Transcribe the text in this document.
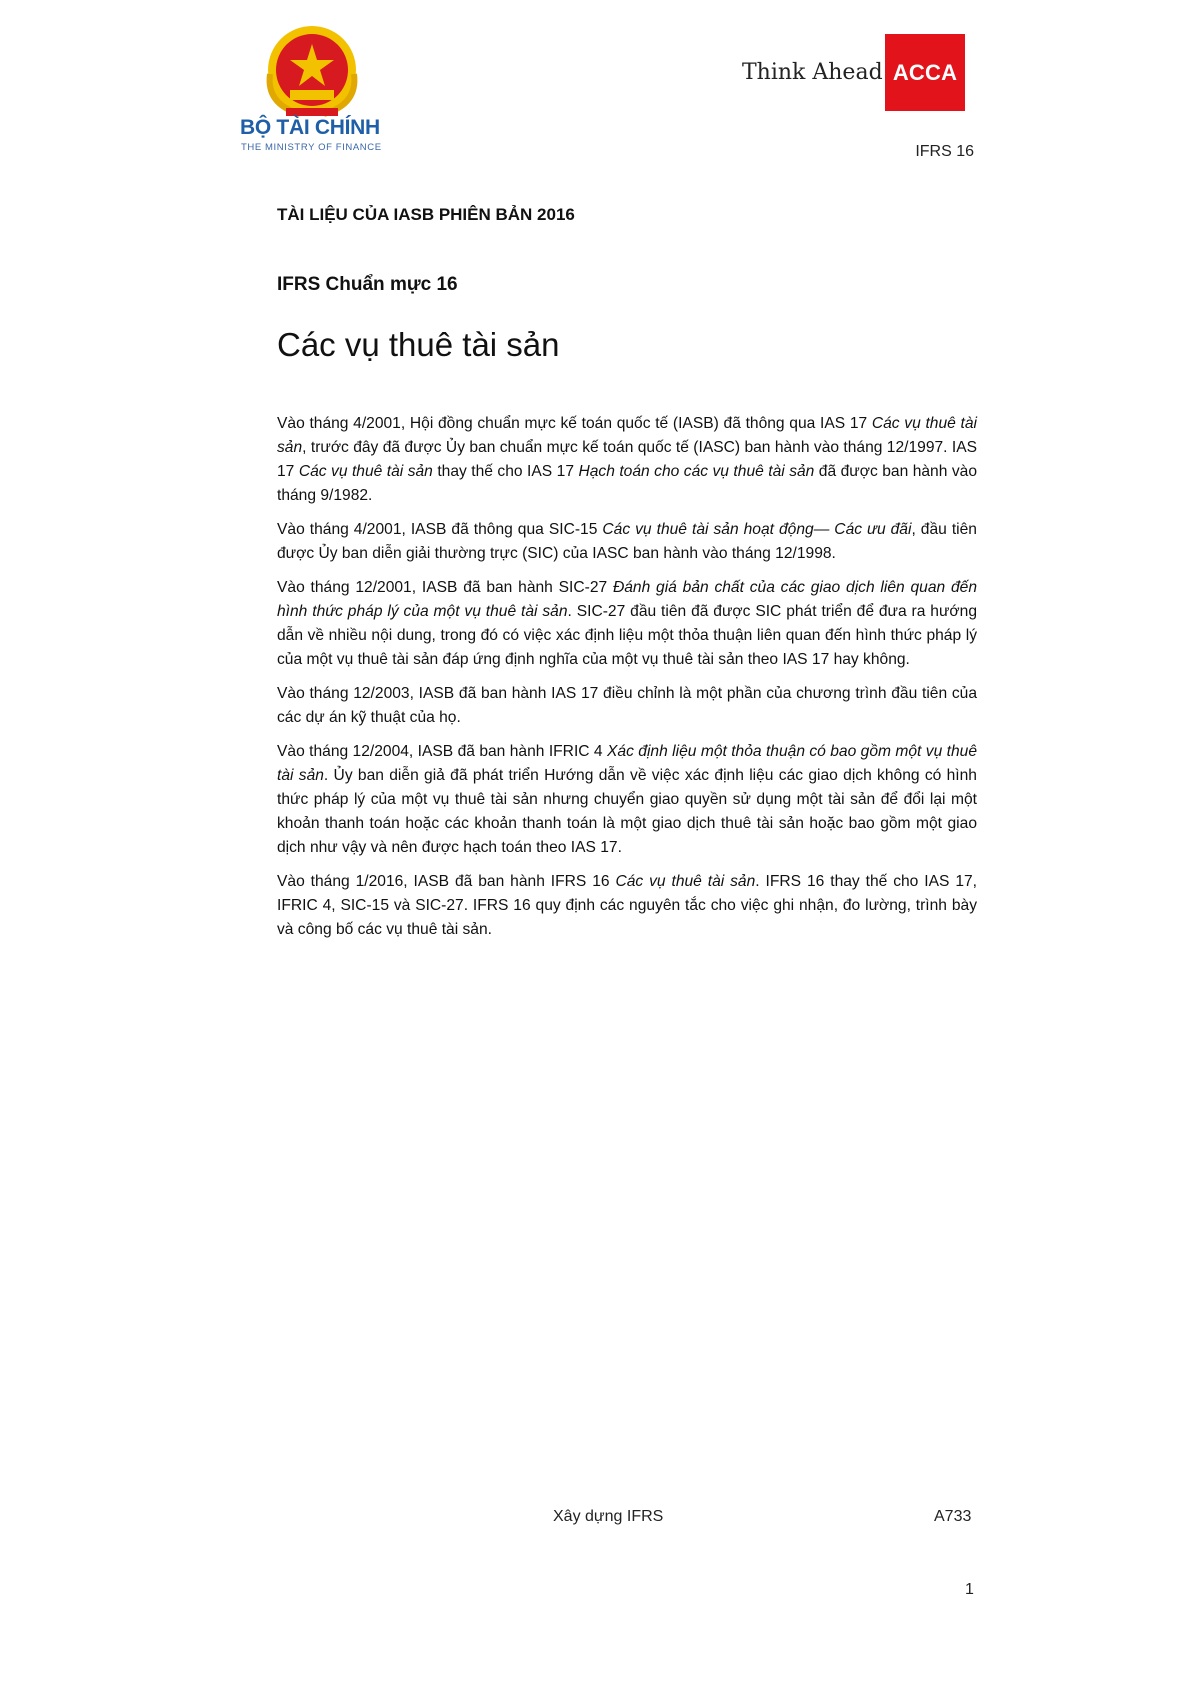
BỘ TÀI CHÍNH
THE MINISTRY OF FINANCE
Think Ahead ACCA
IFRS 16
TÀI LIỆU CỦA IASB PHIÊN BẢN 2016
IFRS Chuẩn mực 16
Các vụ thuê tài sản

Vào tháng 4/2001, Hội đồng chuẩn mực kế toán quốc tế (IASB) đã thông qua IAS 17 Các vụ thuê tài sản, trước đây đã được Ủy ban chuẩn mực kế toán quốc tế (IASC) ban hành vào tháng 12/1997. IAS 17 Các vụ thuê tài sản thay thế cho IAS 17 Hạch toán cho các vụ thuê tài sản đã được ban hành vào tháng 9/1982.

Vào tháng 4/2001, IASB đã thông qua SIC-15 Các vụ thuê tài sản hoạt động— Các ưu đãi, đầu tiên được Ủy ban diễn giải thường trực (SIC) của IASC ban hành vào tháng 12/1998.

Vào tháng 12/2001, IASB đã ban hành SIC-27 Đánh giá bản chất của các giao dịch liên quan đến hình thức pháp lý của một vụ thuê tài sản. SIC-27 đầu tiên đã được SIC phát triển để đưa ra hướng dẫn về nhiều nội dung, trong đó có việc xác định liệu một thỏa thuận liên quan đến hình thức pháp lý của một vụ thuê tài sản đáp ứng định nghĩa của một vụ thuê tài sản theo IAS 17 hay không.

Vào tháng 12/2003, IASB đã ban hành IAS 17 điều chỉnh là một phần của chương trình đầu tiên của các dự án kỹ thuật của họ.

Vào tháng 12/2004, IASB đã ban hành IFRIC 4 Xác định liệu một thỏa thuận có bao gồm một vụ thuê tài sản. Ủy ban diễn giả đã phát triển Hướng dẫn về việc xác định liệu các giao dịch không có hình thức pháp lý của một vụ thuê tài sản nhưng chuyển giao quyền sử dụng một tài sản để đổi lại một khoản thanh toán hoặc các khoản thanh toán là một giao dịch thuê tài sản hoặc bao gồm một giao dịch như vậy và nên được hạch toán theo IAS 17.

Vào tháng 1/2016, IASB đã ban hành IFRS 16 Các vụ thuê tài sản. IFRS 16 thay thế cho IAS 17, IFRIC 4, SIC-15 và SIC-27. IFRS 16 quy định các nguyên tắc cho việc ghi nhận, đo lường, trình bày và công bố các vụ thuê tài sản.

Xây dựng IFRS	A733
1
